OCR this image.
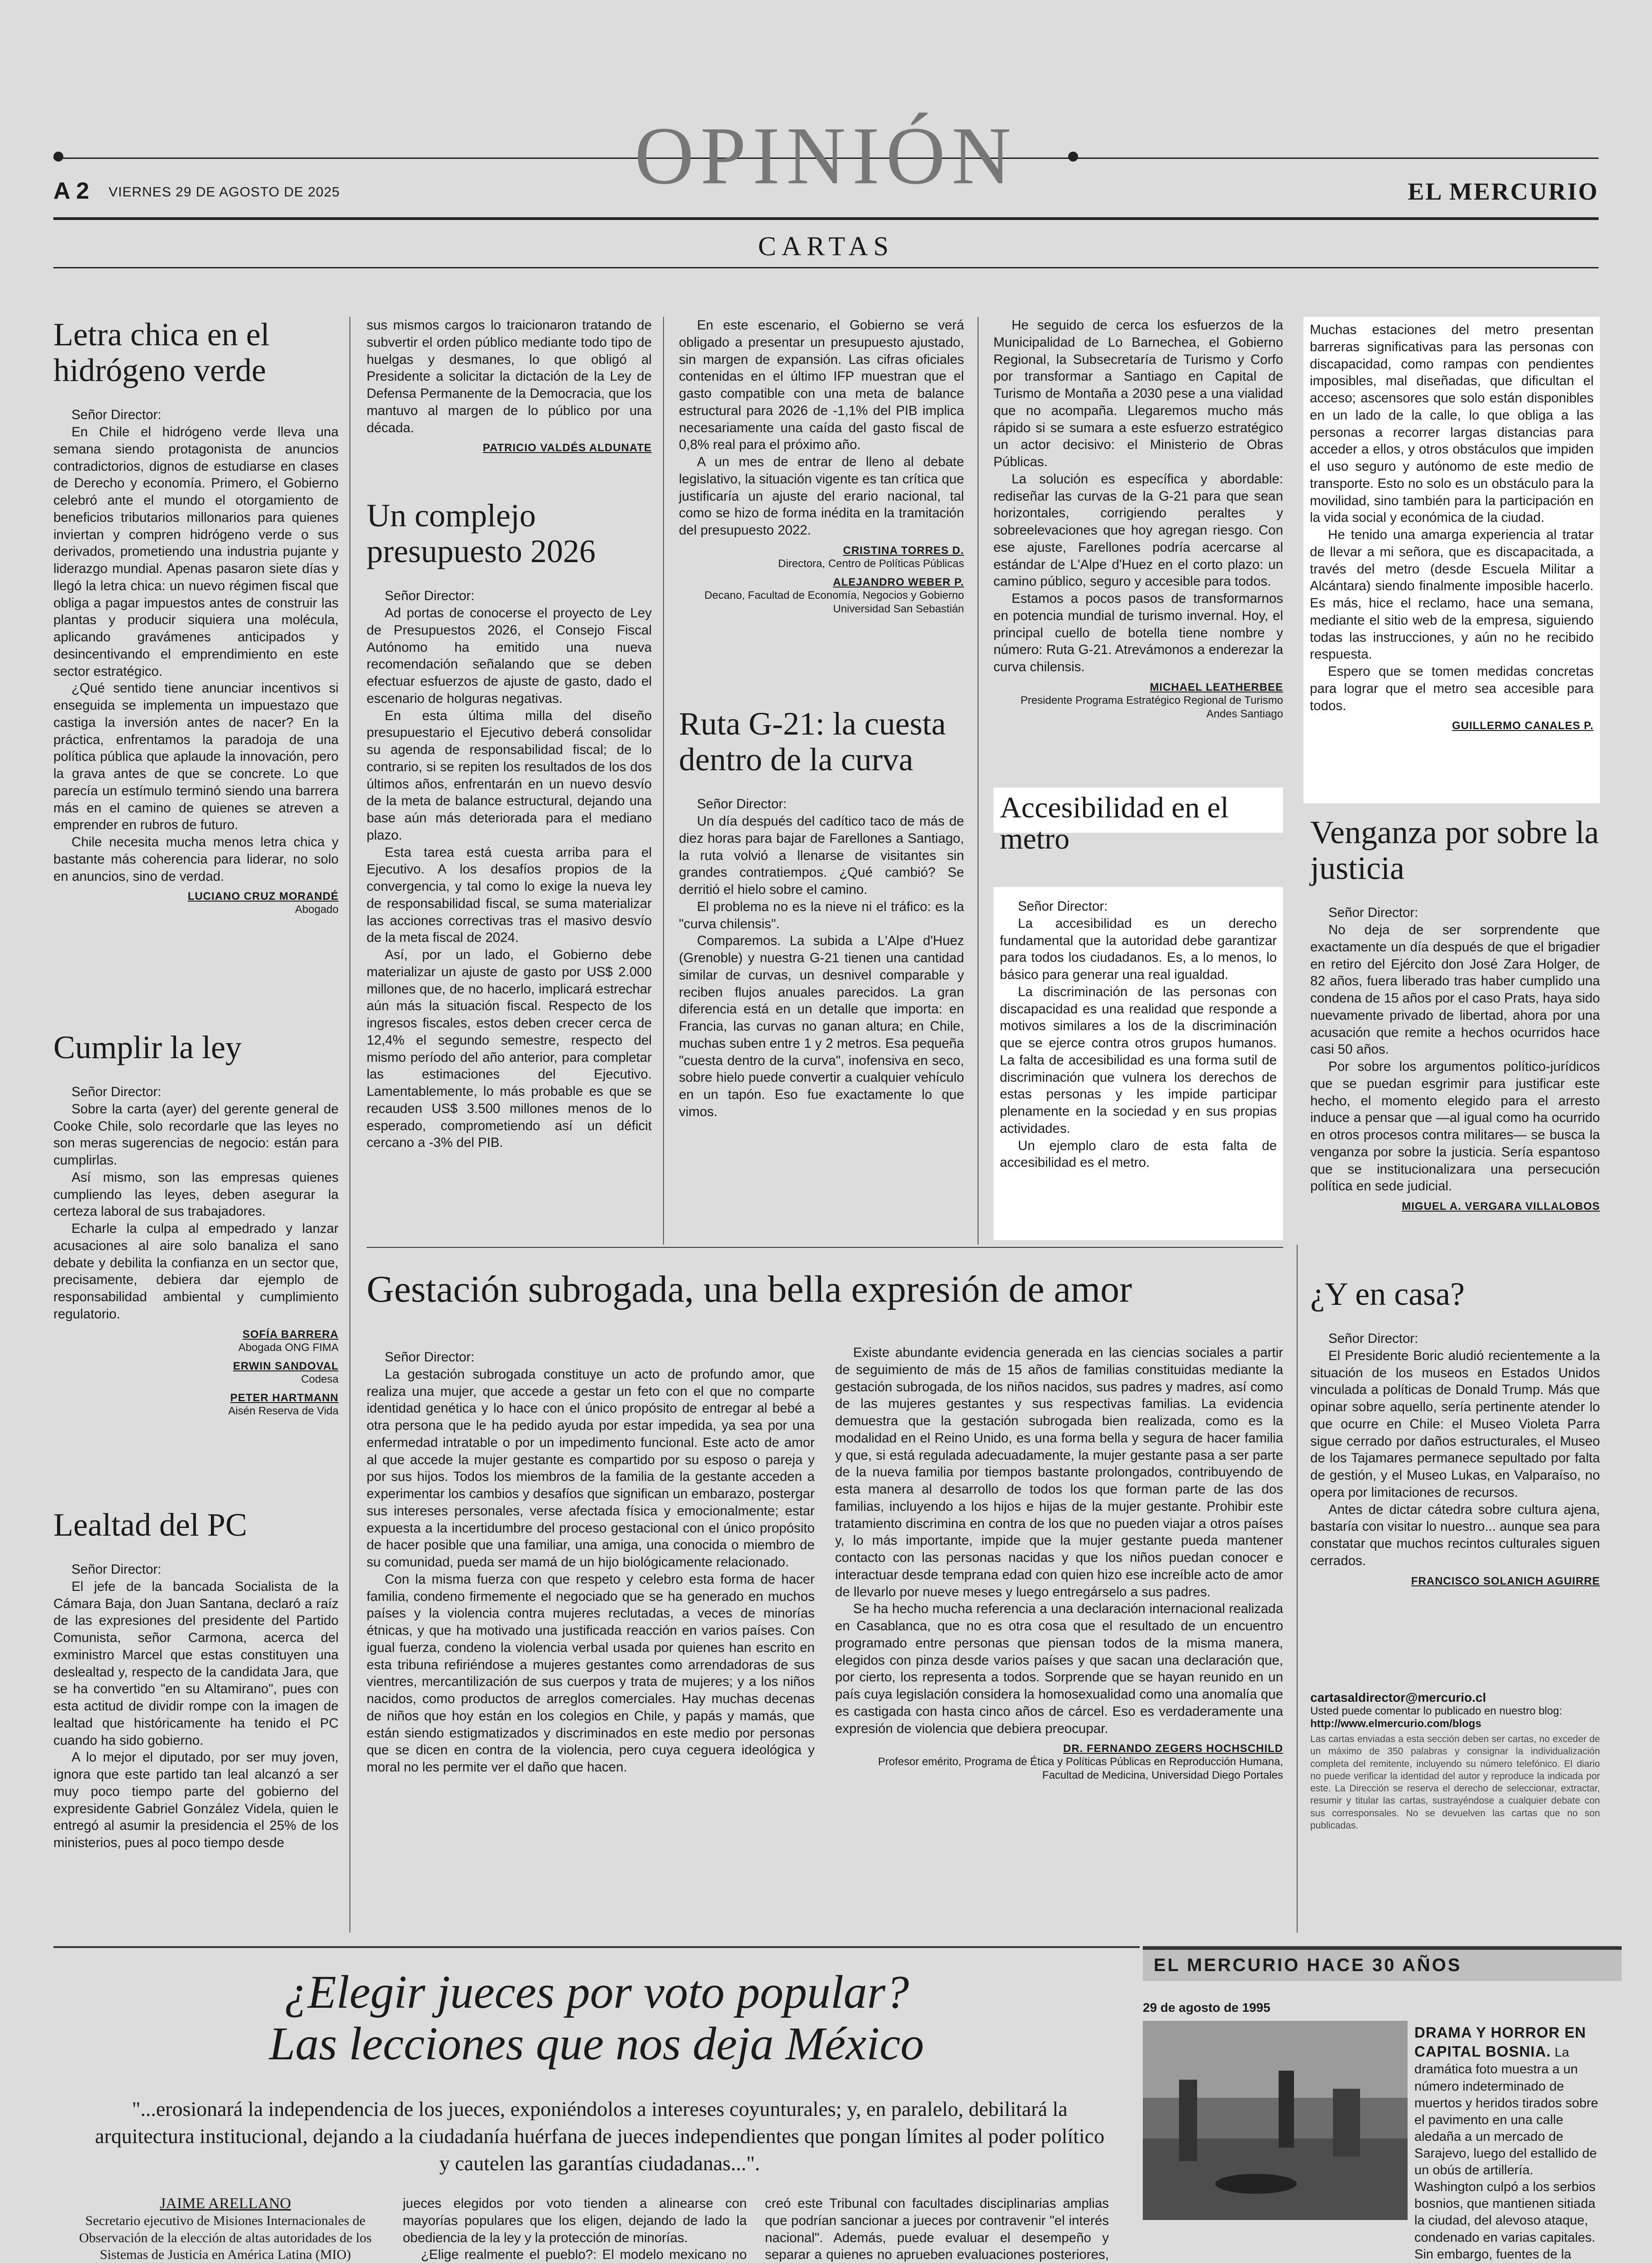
OPINIÓN
A 2 VIERNES 29 DE AGOSTO DE 2025	EL MERCURIO
CARTAS
Letra chica en el hidrógeno verde

Señor Director:

En Chile el hidrógeno verde lleva una semana siendo protagonista de anuncios contradictorios, dignos de estudiarse en clases de Derecho y economía. Primero, el Gobierno celebró ante el mundo el otorgamiento de beneficios tributarios millonarios para quienes inviertan y compren hidrógeno verde o sus derivados, prometiendo una industria pujante y liderazgo mundial. Apenas pasaron siete días y llegó la letra chica: un nuevo régimen fiscal que obliga a pagar impuestos antes de construir las plantas y producir siquiera una molécula, aplicando gravámenes anticipados y desincentivando el emprendimiento en este sector estratégico.

¿Qué sentido tiene anunciar incentivos si enseguida se implementa un impuestazo que castiga la inversión antes de nacer? En la práctica, enfrentamos la paradoja de una política pública que aplaude la innovación, pero la grava antes de que se concrete. Lo que parecía un estímulo terminó siendo una barrera más en el camino de quienes se atreven a emprender en rubros de futuro.

Chile necesita mucha menos letra chica y bastante más coherencia para liderar, no solo en anuncios, sino de verdad.

LUCIANO CRUZ MORANDÉ
Abogado
Cumplir la ley

Señor Director:

Sobre la carta (ayer) del gerente general de Cooke Chile, solo recordarle que las leyes no son meras sugerencias de negocio: están para cumplirlas.

Así mismo, son las empresas quienes cumpliendo las leyes, deben asegurar la certeza laboral de sus trabajadores.

Echarle la culpa al empedrado y lanzar acusaciones al aire solo banaliza el sano debate y debilita la confianza en un sector que, precisamente, debiera dar ejemplo de responsabilidad ambiental y cumplimiento regulatorio.

SOFÍA BARRERA
Abogada ONG FIMA
ERWIN SANDOVAL
Codesa
PETER HARTMANN
Aisén Reserva de Vida
Lealtad del PC

Señor Director:

El jefe de la bancada Socialista de la Cámara Baja, don Juan Santana, declaró a raíz de las expresiones del presidente del Partido Comunista, señor Carmona, acerca del exministro Marcel que estas constituyen una deslealtad y, respecto de la candidata Jara, que se ha convertido "en su Altamirano", pues con esta actitud de dividir rompe con la imagen de lealtad que históricamente ha tenido el PC cuando ha sido gobierno.

A lo mejor el diputado, por ser muy joven, ignora que este partido tan leal alcanzó a ser muy poco tiempo parte del gobierno del expresidente Gabriel González Videla, quien le entregó al asumir la presidencia el 25% de los ministerios, pues al poco tiempo desde

sus mismos cargos lo traicionaron tratando de subvertir el orden público mediante todo tipo de huelgas y desmanes, lo que obligó al Presidente a solicitar la dictación de la Ley de Defensa Permanente de la Democracia, que los mantuvo al margen de lo público por una década.

PATRICIO VALDÉS ALDUNATE
Un complejo presupuesto 2026

Señor Director:

Ad portas de conocerse el proyecto de Ley de Presupuestos 2026, el Consejo Fiscal Autónomo ha emitido una nueva recomendación señalando que se deben efectuar esfuerzos de ajuste de gasto, dado el escenario de holguras negativas.

En esta última milla del diseño presupuestario el Ejecutivo deberá consolidar su agenda de responsabilidad fiscal; de lo contrario, si se repiten los resultados de los dos últimos años, enfrentarán en un nuevo desvío de la meta de balance estructural, dejando una base aún más deteriorada para el mediano plazo.

Esta tarea está cuesta arriba para el Ejecutivo. A los desafíos propios de la convergencia, y tal como lo exige la nueva ley de responsabilidad fiscal, se suma materializar las acciones correctivas tras el masivo desvío de la meta fiscal de 2024.

Así, por un lado, el Gobierno debe materializar un ajuste de gasto por US$ 2.000 millones que, de no hacerlo, implicará estrechar aún más la situación fiscal. Respecto de los ingresos fiscales, estos deben crecer cerca de 12,4% el segundo semestre, respecto del mismo período del año anterior, para completar las estimaciones del Ejecutivo. Lamentablemente, lo más probable es que se recauden US$ 3.500 millones menos de lo esperado, comprometiendo así un déficit cercano a -3% del PIB.

En este escenario, el Gobierno se verá obligado a presentar un presupuesto ajustado, sin margen de expansión. Las cifras oficiales contenidas en el último IFP muestran que el gasto compatible con una meta de balance estructural para 2026 de -1,1% del PIB implica necesariamente una caída del gasto fiscal de 0,8% real para el próximo año.

A un mes de entrar de lleno al debate legislativo, la situación vigente es tan crítica que justificaría un ajuste del erario nacional, tal como se hizo de forma inédita en la tramitación del presupuesto 2022.

CRISTINA TORRES D.
Directora, Centro de Políticas Públicas
ALEJANDRO WEBER P.
Decano, Facultad de Economía, Negocios y Gobierno Universidad San Sebastián
Ruta G-21: la cuesta dentro de la curva

Señor Director:

Un día después del cadítico taco de más de diez horas para bajar de Farellones a Santiago, la ruta volvió a llenarse de visitantes sin grandes contratiempos. ¿Qué cambió? Se derritió el hielo sobre el camino.

El problema no es la nieve ni el tráfico: es la "curva chilensis".

Comparemos. La subida a L'Alpe d'Huez (Grenoble) y nuestra G-21 tienen una cantidad similar de curvas, un desnivel comparable y reciben flujos anuales parecidos. La gran diferencia está en un detalle que importa: en Francia, las curvas no ganan altura; en Chile, muchas suben entre 1 y 2 metros. Esa pequeña "cuesta dentro de la curva", inofensiva en seco, sobre hielo puede convertir a cualquier vehículo en un tapón. Eso fue exactamente lo que vimos.

He seguido de cerca los esfuerzos de la Municipalidad de Lo Barnechea, el Gobierno Regional, la Subsecretaría de Turismo y Corfo por transformar a Santiago en Capital de Turismo de Montaña a 2030 pese a una vialidad que no acompaña. Llegaremos mucho más rápido si se sumara a este esfuerzo estratégico un actor decisivo: el Ministerio de Obras Públicas.

La solución es específica y abordable: rediseñar las curvas de la G-21 para que sean horizontales, corrigiendo peraltes y sobreelevaciones que hoy agregan riesgo. Con ese ajuste, Farellones podría acercarse al estándar de L'Alpe d'Huez en el corto plazo: un camino público, seguro y accesible para todos.

Estamos a pocos pasos de transformarnos en potencia mundial de turismo invernal. Hoy, el principal cuello de botella tiene nombre y número: Ruta G-21. Atrevámonos a enderezar la curva chilensis.

MICHAEL LEATHERBEE
Presidente Programa Estratégico Regional de Turismo Andes Santiago
Accesibilidad en el metro

Señor Director:

La accesibilidad es un derecho fundamental que la autoridad debe garantizar para todos los ciudadanos. Es, a lo menos, lo básico para generar una real igualdad.

La discriminación de las personas con discapacidad es una realidad que responde a motivos similares a los de la discriminación que se ejerce contra otros grupos humanos. La falta de accesibilidad es una forma sutil de discriminación que vulnera los derechos de estas personas y les impide participar plenamente en la sociedad y en sus propias actividades.

Un ejemplo claro de esta falta de accesibilidad es el metro.

Muchas estaciones del metro presentan barreras significativas para las personas con discapacidad, como rampas con pendientes imposibles, mal diseñadas, que dificultan el acceso; ascensores que solo están disponibles en un lado de la calle, lo que obliga a las personas a recorrer largas distancias para acceder a ellos, y otros obstáculos que impiden el uso seguro y autónomo de este medio de transporte. Esto no solo es un obstáculo para la movilidad, sino también para la participación en la vida social y económica de la ciudad.

He tenido una amarga experiencia al tratar de llevar a mi señora, que es discapacitada, a través del metro (desde Escuela Militar a Alcántara) siendo finalmente imposible hacerlo. Es más, hice el reclamo, hace una semana, mediante el sitio web de la empresa, siguiendo todas las instrucciones, y aún no he recibido respuesta.

Espero que se tomen medidas concretas para lograr que el metro sea accesible para todos.

GUILLERMO CANALES P.
Venganza por sobre la justicia

Señor Director:

No deja de ser sorprendente que exactamente un día después de que el brigadier en retiro del Ejército don José Zara Holger, de 82 años, fuera liberado tras haber cumplido una condena de 15 años por el caso Prats, haya sido nuevamente privado de libertad, ahora por una acusación que remite a hechos ocurridos hace casi 50 años.

Por sobre los argumentos político-jurídicos que se puedan esgrimir para justificar este hecho, el momento elegido para el arresto induce a pensar que —al igual como ha ocurrido en otros procesos contra militares— se busca la venganza por sobre la justicia. Sería espantoso que se institucionalizara una persecución política en sede judicial.

MIGUEL A. VERGARA VILLALOBOS
Gestación subrogada, una bella expresión de amor

Señor Director:

La gestación subrogada constituye un acto de profundo amor, que realiza una mujer, que accede a gestar un feto con el que no comparte identidad genética y lo hace con el único propósito de entregar al bebé a otra persona que le ha pedido ayuda por estar impedida, ya sea por una enfermedad intratable o por un impedimento funcional. Este acto de amor al que accede la mujer gestante es compartido por su esposo o pareja y por sus hijos. Todos los miembros de la familia de la gestante acceden a experimentar los cambios y desafíos que significan un embarazo, postergar sus intereses personales, verse afectada física y emocionalmente; estar expuesta a la incertidumbre del proceso gestacional con el único propósito de hacer posible que una familiar, una amiga, una conocida o miembro de su comunidad, pueda ser mamá de un hijo biológicamente relacionado.

Con la misma fuerza con que respeto y celebro esta forma de hacer familia, condeno firmemente el negociado que se ha generado en muchos países y la violencia contra mujeres reclutadas, a veces de minorías étnicas, y que ha motivado una justificada reacción en varios países. Con igual fuerza, condeno la violencia verbal usada por quienes han escrito en esta tribuna refiriéndose a mujeres gestantes como arrendadoras de sus vientres, mercantilización de sus cuerpos y trata de mujeres; y a los niños nacidos, como productos de arreglos comerciales. Hay muchas decenas de niños que hoy están en los colegios en Chile, y papás y mamás, que están siendo estigmatizados y discriminados en este medio por personas que se dicen en contra de la violencia, pero cuya ceguera ideológica y moral no les permite ver el daño que hacen.

Existe abundante evidencia generada en las ciencias sociales a partir de seguimiento de más de 15 años de familias constituidas mediante la gestación subrogada, de los niños nacidos, sus padres y madres, así como de las mujeres gestantes y sus respectivas familias. La evidencia demuestra que la gestación subrogada bien realizada, como es la modalidad en el Reino Unido, es una forma bella y segura de hacer familia y que, si está regulada adecuadamente, la mujer gestante pasa a ser parte de la nueva familia por tiempos bastante prolongados, contribuyendo de esta manera al desarrollo de todos los que forman parte de las dos familias, incluyendo a los hijos e hijas de la mujer gestante. Prohibir este tratamiento discrimina en contra de los que no pueden viajar a otros países y, lo más importante, impide que la mujer gestante pueda mantener contacto con las personas nacidas y que los niños puedan conocer e interactuar desde temprana edad con quien hizo ese increíble acto de amor de llevarlo por nueve meses y luego entregárselo a sus padres.

Se ha hecho mucha referencia a una declaración internacional realizada en Casablanca, que no es otra cosa que el resultado de un encuentro programado entre personas que piensan todos de la misma manera, elegidos con pinza desde varios países y que sacan una declaración que, por cierto, los representa a todos. Sorprende que se hayan reunido en un país cuya legislación considera la homosexualidad como una anomalía que es castigada con hasta cinco años de cárcel. Eso es verdaderamente una expresión de violencia que debiera preocupar.

DR. FERNANDO ZEGERS HOCHSCHILD
Profesor emérito, Programa de Ética y Políticas Públicas en Reproducción Humana, Facultad de Medicina, Universidad Diego Portales
¿Y en casa?

Señor Director:

El Presidente Boric aludió recientemente a la situación de los museos en Estados Unidos vinculada a políticas de Donald Trump. Más que opinar sobre aquello, sería pertinente atender lo que ocurre en Chile: el Museo Violeta Parra sigue cerrado por daños estructurales, el Museo de los Tajamares permanece sepultado por falta de gestión, y el Museo Lukas, en Valparaíso, no opera por limitaciones de recursos.

Antes de dictar cátedra sobre cultura ajena, bastaría con visitar lo nuestro... aunque sea para constatar que muchos recintos culturales siguen cerrados.

FRANCISCO SOLANICH AGUIRRE
cartasaldirector@mercurio.cl
Usted puede comentar lo publicado en nuestro blog:
http://www.elmercurio.com/blogs
Las cartas enviadas a esta sección deben ser cartas, no exceder de un máximo de 350 palabras y consignar la individualización completa del remitente, incluyendo su número telefónico. El diario no puede verificar la identidad del autor y reproduce la indicada por este. La Dirección se reserva el derecho de seleccionar, extractar, resumir y titular las cartas, sustrayéndose a cualquier debate con sus corresponsales. No se devuelven las cartas que no son publicadas.
¿Elegir jueces por voto popular?
Las lecciones que nos deja México
"...erosionará la independencia de los jueces, exponiéndolos a intereses coyunturales; y, en paralelo, debilitará la arquitectura institucional, dejando a la ciudadanía huérfana de jueces independientes que pongan límites al poder político y cautelen las garantías ciudadanas...".
JAIME ARELLANO
Secretario ejecutivo de Misiones Internacionales de Observación de la elección de altas autoridades de los Sistemas de Justicia en América Latina (MIO)

jueces elegidos por voto tienden a alinearse con mayorías populares que los eligen, dejando de lado la obediencia de la ley y la protección de minorías.

¿Elige realmente el pueblo?: El modelo mexicano no

creó este Tribunal con facultades disciplinarias amplias que podrían sancionar a jueces por contravenir "el interés nacional". Además, puede evaluar el desempeño y separar a quienes no aprueben evaluaciones posteriores,

EL MERCURIO HACE 30 AÑOS
29 de agosto de 1995

DRAMA Y HORROR EN CAPITAL BOSNIA. La dramática foto muestra a un número indeterminado de muertos y heridos tirados sobre el pavimento en una calle aledaña a un mercado de Sarajevo, luego del estallido de un obús de artillería. Washington culpó a los serbios bosnios, que mantienen sitiada la ciudad, del alevoso ataque, condenado en varias capitales. Sin embargo, fuentes de la
